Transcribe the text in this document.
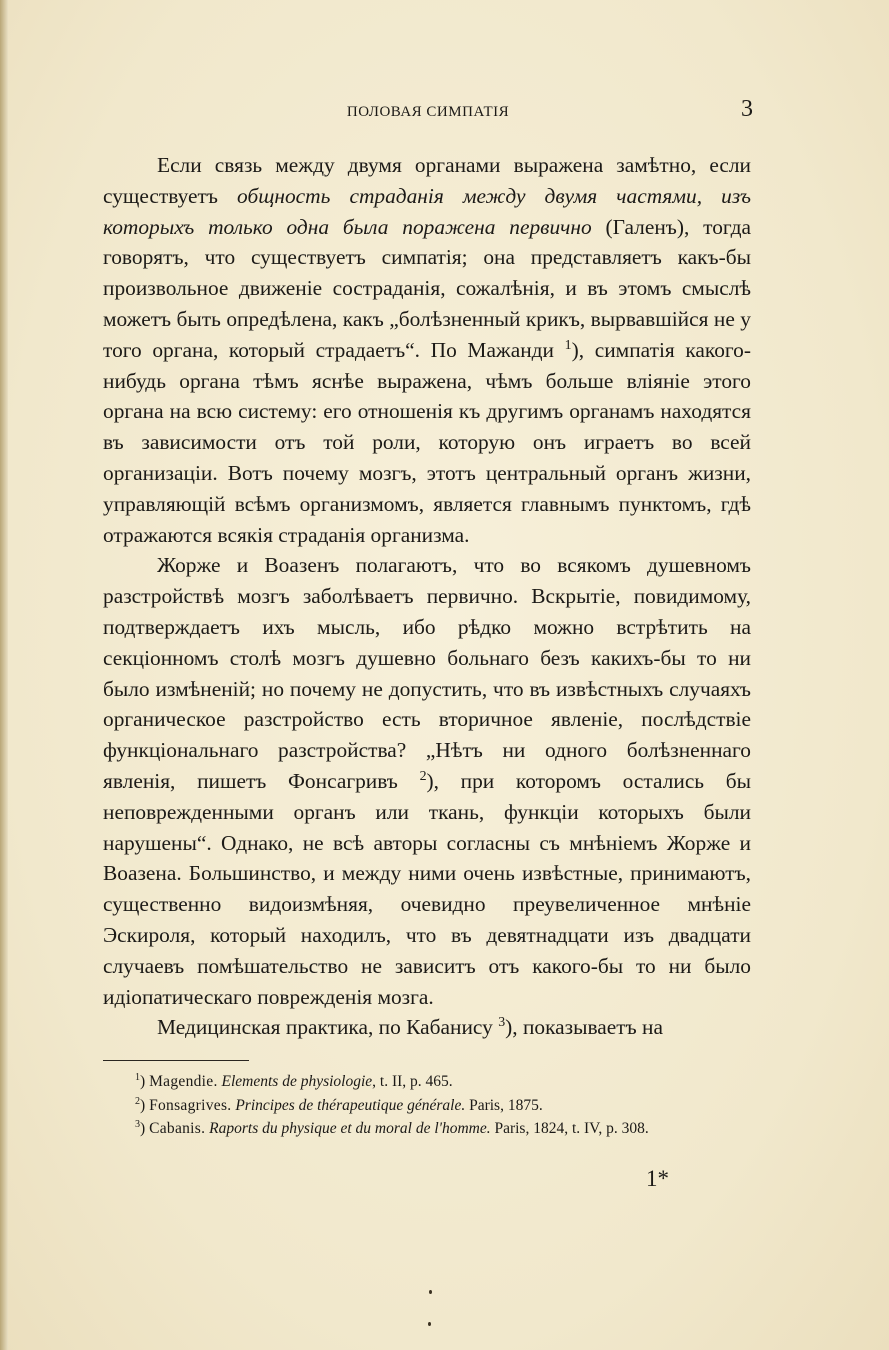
ПОЛОВАЯ СИМПАТІЯ	3

Если связь между двумя органами выражена замѣтно, если существуетъ общность страданія между двумя частями, изъ которыхъ только одна была поражена первично (Галенъ), тогда говорятъ, что существуетъ симпатія; она представляетъ какъ-бы произвольное движеніе состраданія, сожалѣнія, и въ этомъ смыслѣ можетъ быть опредѣлена, какъ „болѣзненный крикъ, вырвавшійся не у того органа, который страдаетъ“. По Мажанди $^1$), симпатія какого-нибудь органа тѣмъ яснѣе выражена, чѣмъ больше вліяніе этого органа на всю систему: его отношенія къ другимъ органамъ находятся въ зависимости отъ той роли, которую онъ играетъ во всей организаціи. Вотъ почему мозгъ, этотъ центральный органъ жизни, управляющій всѣмъ организмомъ, является главнымъ пунктомъ, гдѣ отражаются всякія страданія организма.

Жорже и Воазенъ полагаютъ, что во всякомъ душевномъ разстройствѣ мозгъ заболѣваетъ первично. Вскрытіе, повидимому, подтверждаетъ ихъ мысль, ибо рѣдко можно встрѣтить на секціонномъ столѣ мозгъ душевно больнаго безъ какихъ-бы то ни было измѣненій; но почему не допустить, что въ извѣстныхъ случаяхъ органическое разстройство есть вторичное явленіе, послѣдствіе функціональнаго разстройства? „Нѣтъ ни одного болѣзненнаго явленія, пишетъ Фонсагривъ $^2$), при которомъ остались бы неповрежденными органъ или ткань, функціи которыхъ были нарушены“. Однако, не всѣ авторы согласны съ мнѣніемъ Жорже и Воазена. Большинство, и между ними очень извѣстные, принимаютъ, существенно видоизмѣняя, очевидно преувеличенное мнѣніе Эскироля, который находилъ, что въ девятнадцати изъ двадцати случаевъ помѣшательство не зависитъ отъ какого-бы то ни было идіопатическаго поврежденія мозга.

Медицинская практика, по Кабанису $^3$), показываетъ на

$^1$) Magendie. Elements de physiologie, t. II, p. 465.

$^2$) Fonsagrives. Principes de thérapeutique générale. Paris, 1875.

$^3$) Cabanis. Raports du physique et du moral de l'homme. Paris, 1824, t. IV, p. 308.

1*
